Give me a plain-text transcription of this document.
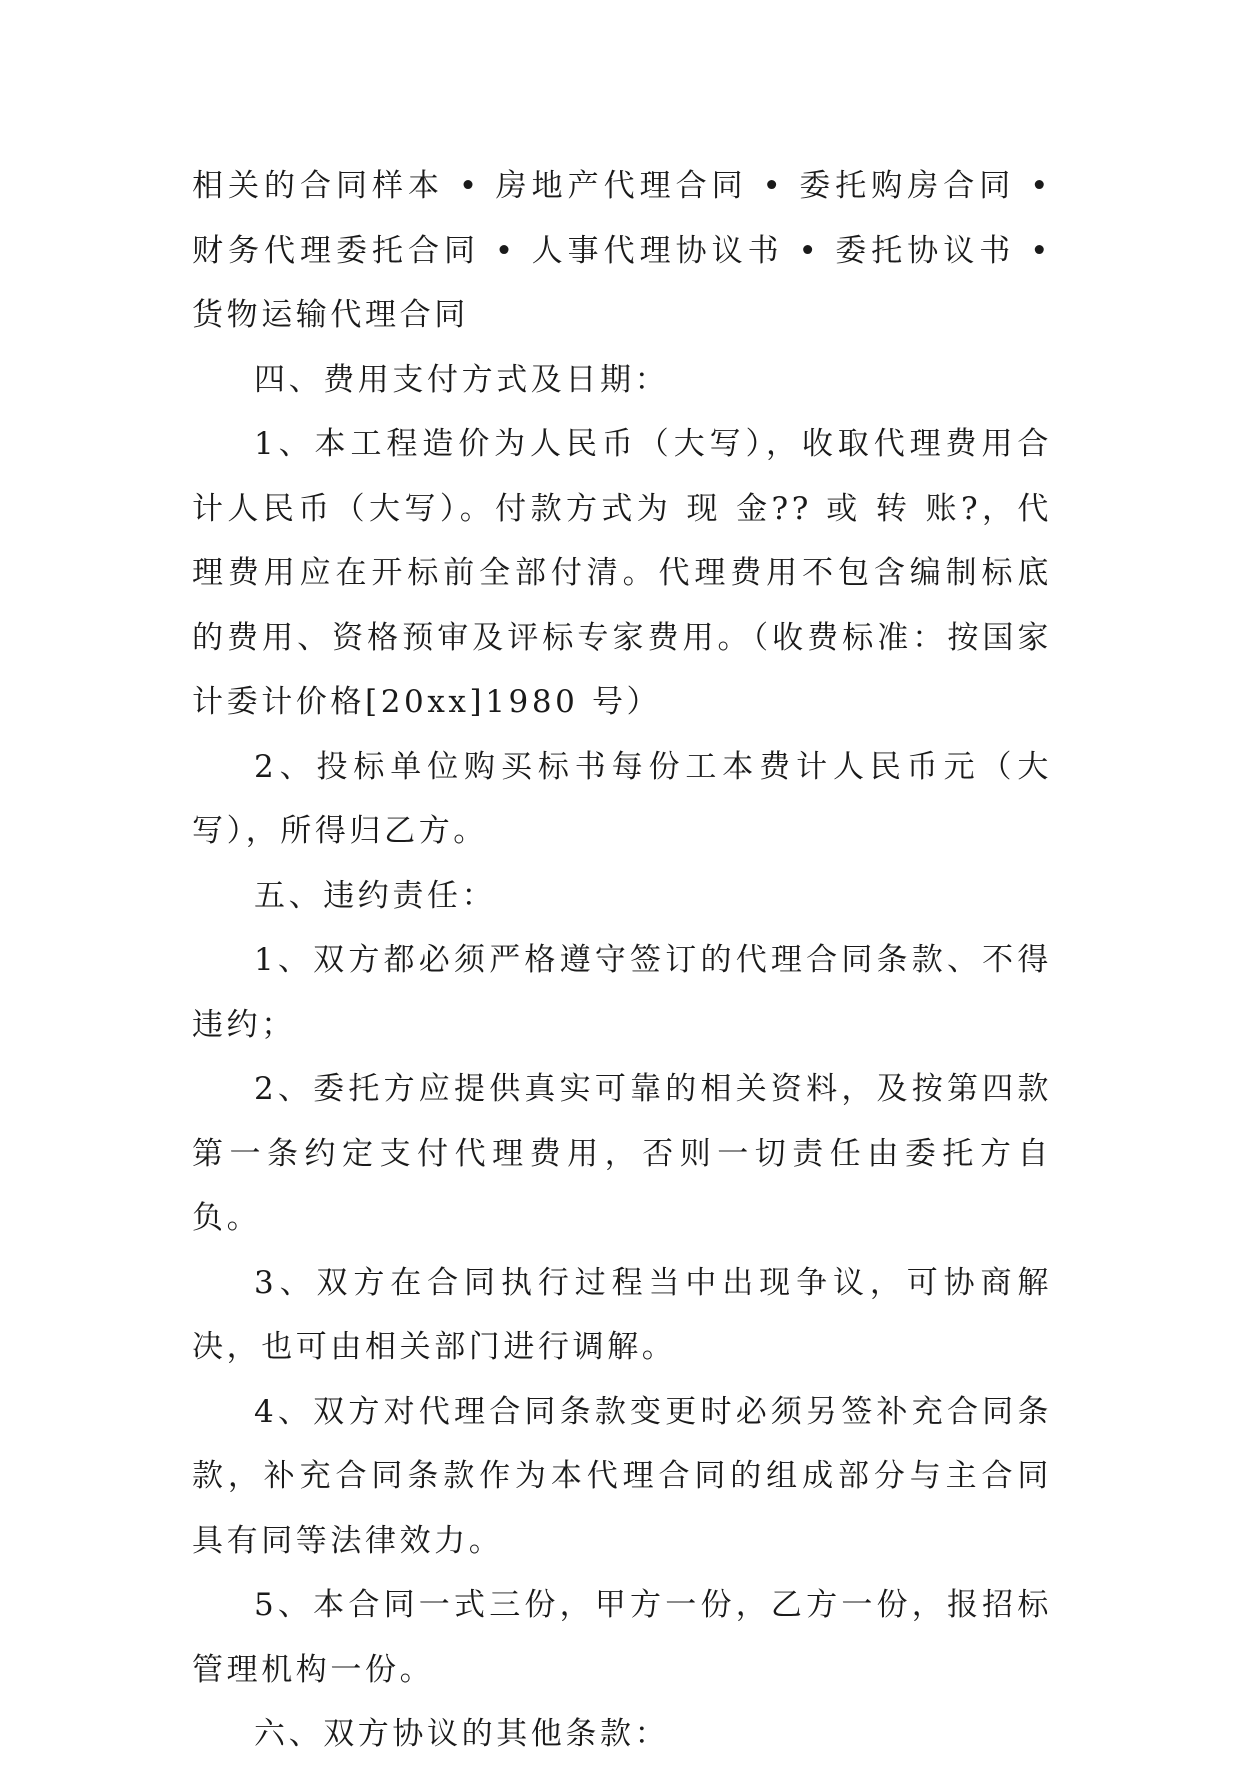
相关的合同样本 • 房地产代理合同 • 委托购房合同 • 财务代理委托合同 • 人事代理协议书 • 委托协议书 • 货物运输代理合同

四、费用支付方式及日期：

1、本工程造价为人民币（大写），收取代理费用合计人民币（大写）。付款方式为 现 金?? 或 转 账?，代理费用应在开标前全部付清。代理费用不包含编制标底的费用、资格预审及评标专家费用。（收费标准：按国家计委计价格[20xx]1980 号）

2、投标单位购买标书每份工本费计人民币元（大写），所得归乙方。

五、违约责任：

1、双方都必须严格遵守签订的代理合同条款、不得违约；

2、委托方应提供真实可靠的相关资料，及按第四款第一条约定支付代理费用，否则一切责任由委托方自负。

3、双方在合同执行过程当中出现争议，可协商解决，也可由相关部门进行调解。

4、双方对代理合同条款变更时必须另签补充合同条款，补充合同条款作为本代理合同的组成部分与主合同具有同等法律效力。

5、本合同一式三份，甲方一份，乙方一份，报招标管理机构一份。

六、双方协议的其他条款：
